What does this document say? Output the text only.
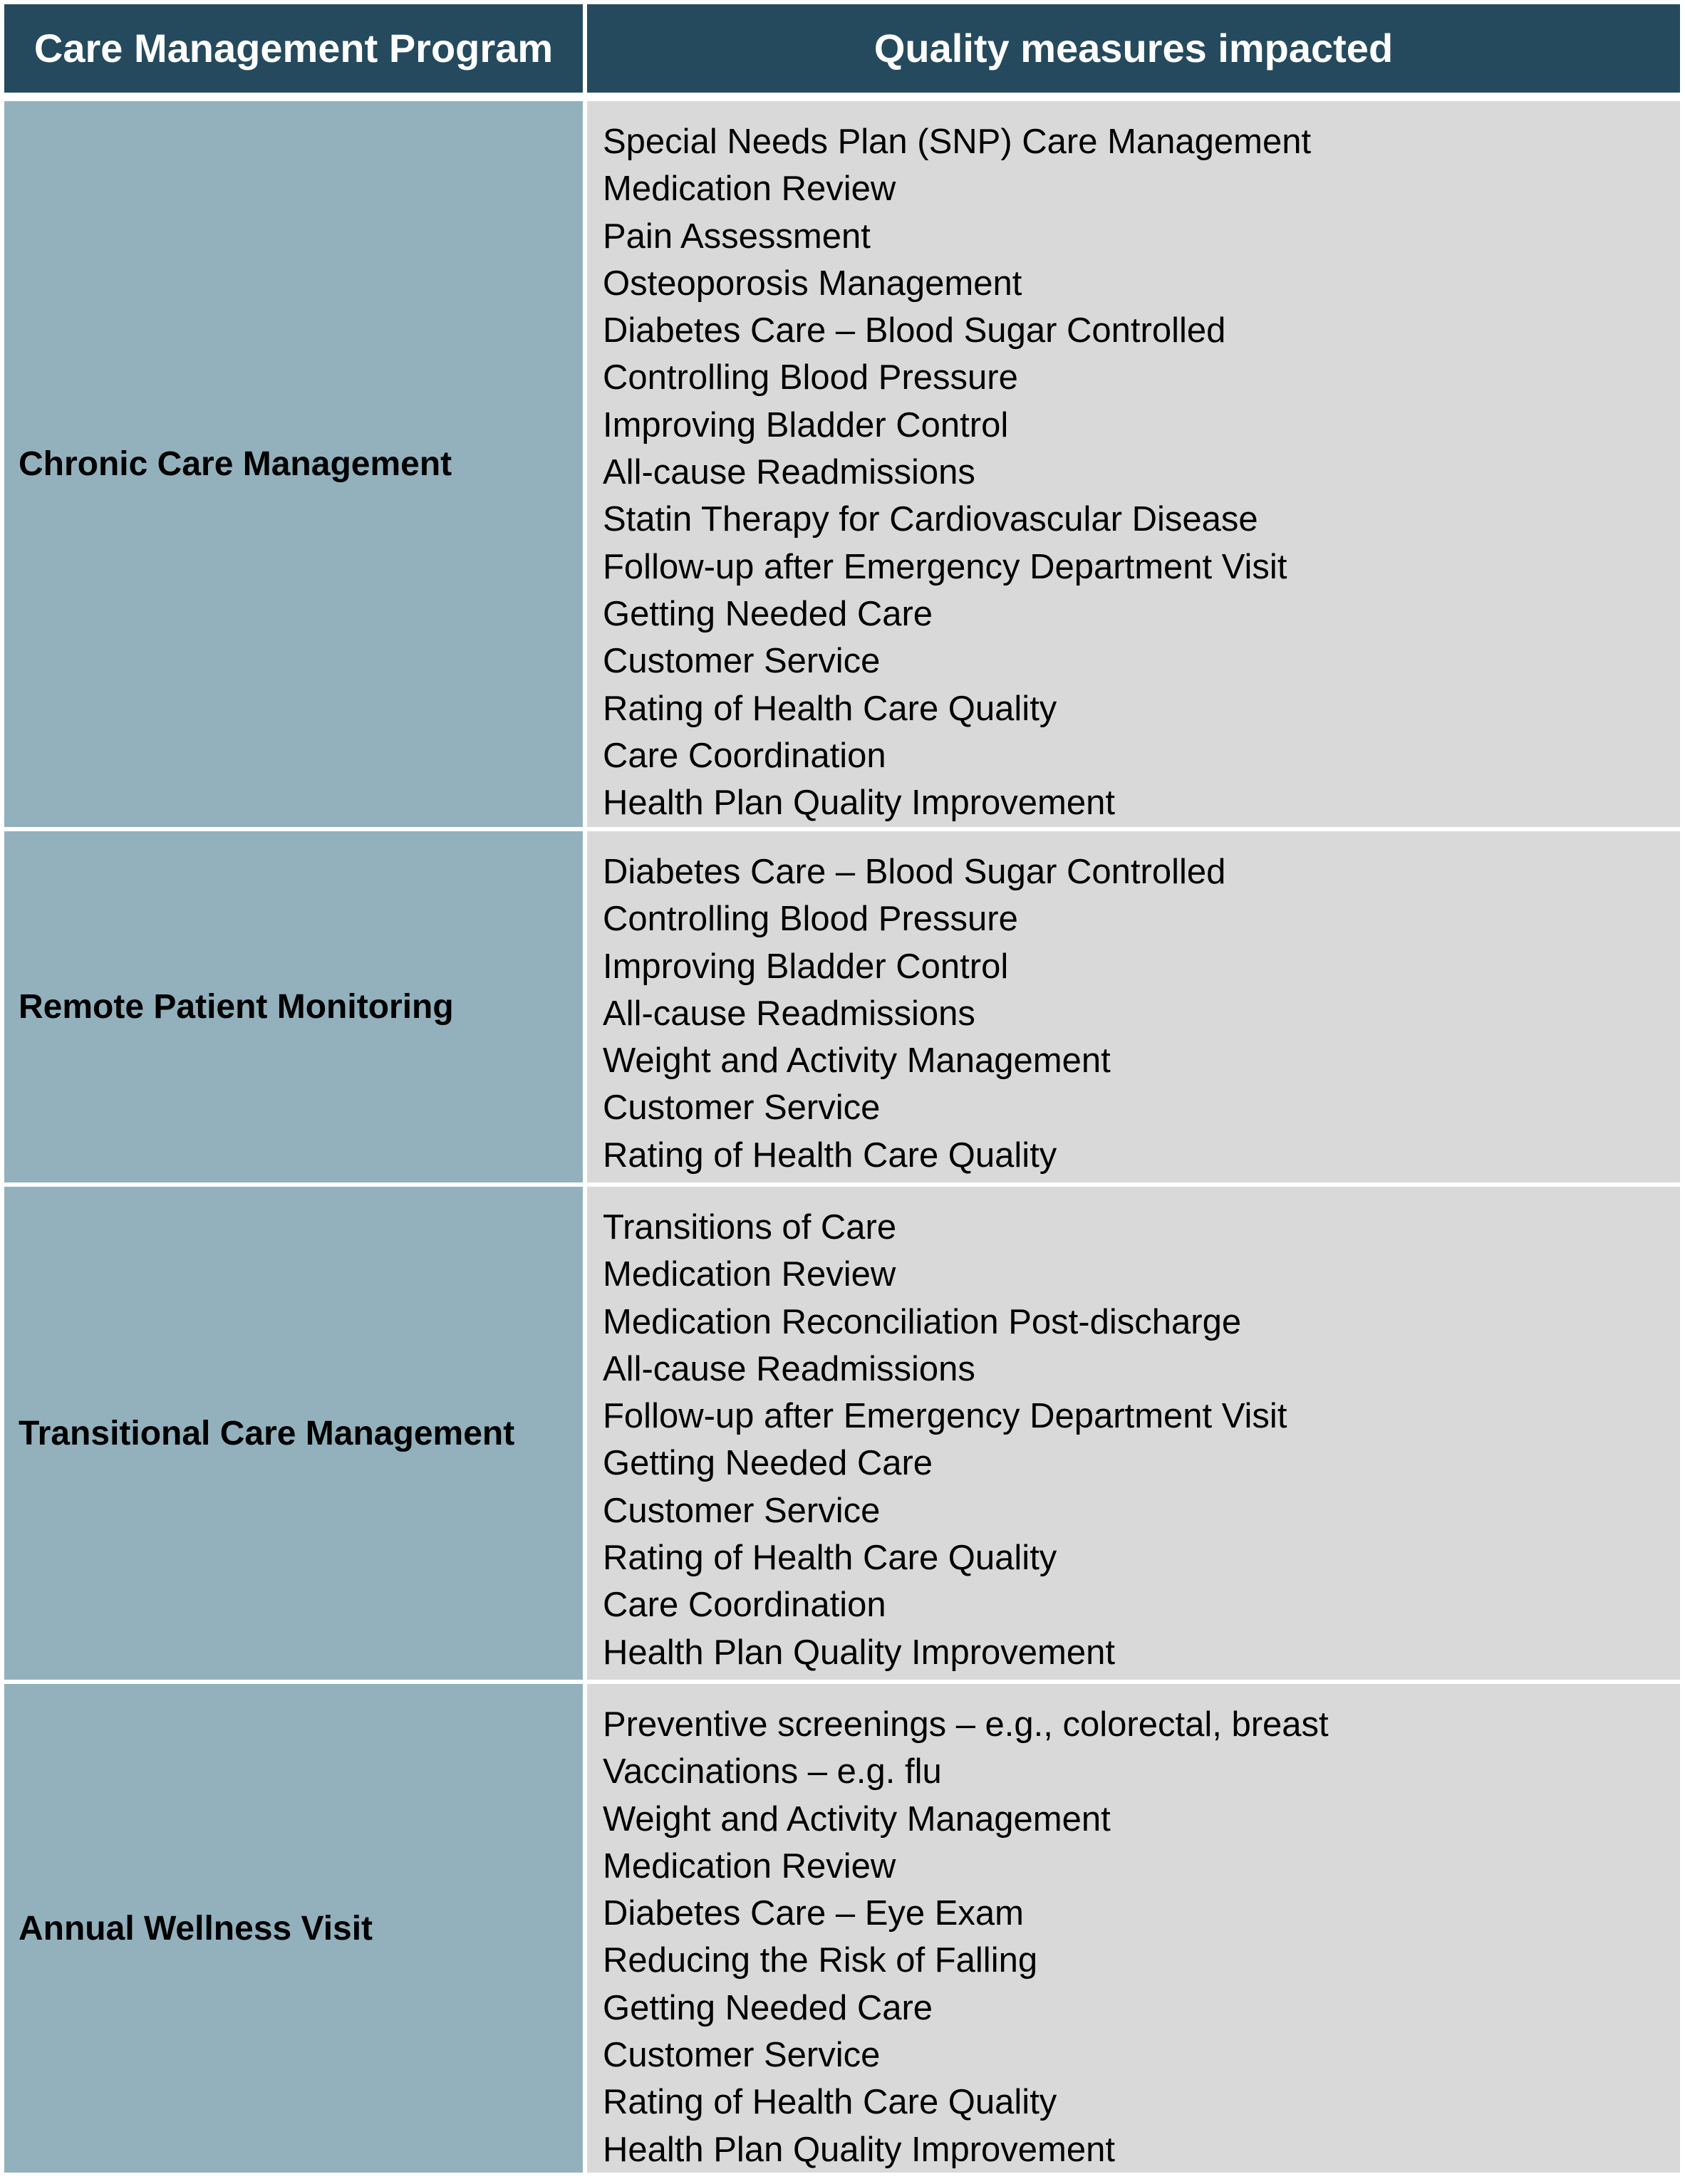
Care Management Program	Quality measures impacted
Chronic Care Management
Special Needs Plan (SNP) Care Management
Medication Review
Pain Assessment
Osteoporosis Management
Diabetes Care – Blood Sugar Controlled
Controlling Blood Pressure
Improving Bladder Control
All-cause Readmissions
Statin Therapy for Cardiovascular Disease
Follow-up after Emergency Department Visit
Getting Needed Care
Customer Service
Rating of Health Care Quality
Care Coordination
Health Plan Quality Improvement
Remote Patient Monitoring
Diabetes Care – Blood Sugar Controlled
Controlling Blood Pressure
Improving Bladder Control
All-cause Readmissions
Weight and Activity Management
Customer Service
Rating of Health Care Quality
Transitional Care Management
Transitions of Care
Medication Review
Medication Reconciliation Post-discharge
All-cause Readmissions
Follow-up after Emergency Department Visit
Getting Needed Care
Customer Service
Rating of Health Care Quality
Care Coordination
Health Plan Quality Improvement
Annual Wellness Visit
Preventive screenings – e.g., colorectal, breast
Vaccinations – e.g. flu
Weight and Activity Management
Medication Review
Diabetes Care – Eye Exam
Reducing the Risk of Falling
Getting Needed Care
Customer Service
Rating of Health Care Quality
Health Plan Quality Improvement
